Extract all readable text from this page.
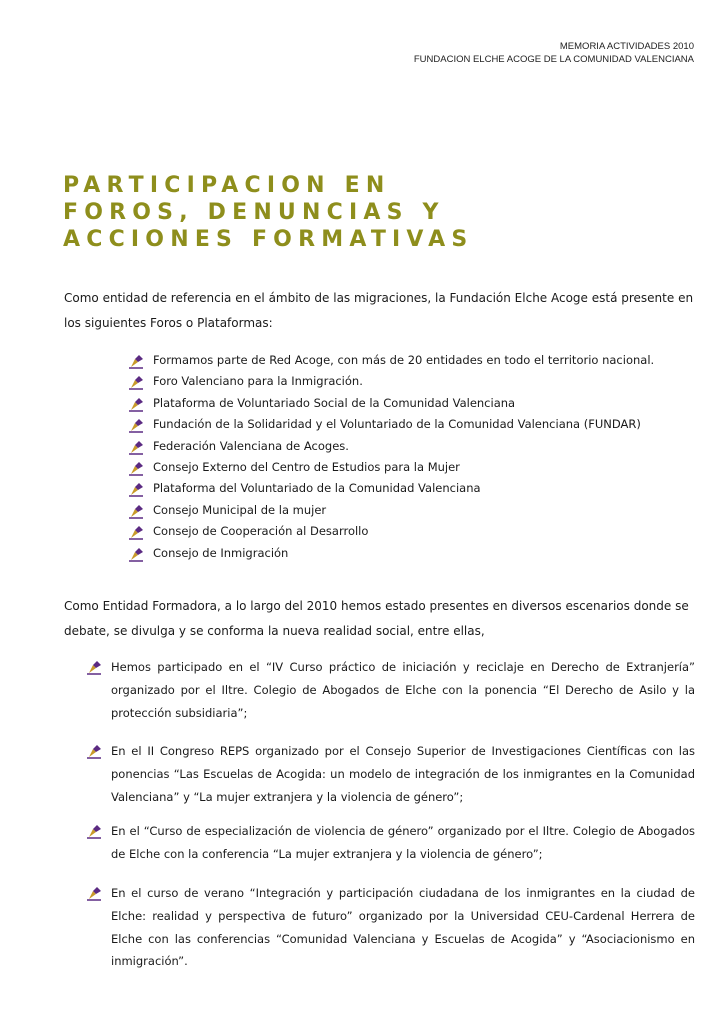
MEMORIA ACTIVIDADES 2010
FUNDACION ELCHE ACOGE DE LA COMUNIDAD VALENCIANA
PARTICIPACION EN
FOROS, DENUNCIAS Y
ACCIONES FORMATIVAS

Como entidad de referencia en el ámbito de las migraciones, la Fundación Elche Acoge está presente en los siguientes Foros o Plataformas:

Formamos parte de Red Acoge, con más de 20 entidades en todo el territorio nacional.
Foro Valenciano para la Inmigración.
Plataforma de Voluntariado Social de la Comunidad Valenciana
Fundación de la Solidaridad y el Voluntariado de la Comunidad Valenciana (FUNDAR)
Federación Valenciana de Acoges.
Consejo Externo del Centro de Estudios para la Mujer
Plataforma del Voluntariado de la Comunidad Valenciana
Consejo Municipal de la mujer
Consejo de Cooperación al Desarrollo
Consejo de Inmigración

Como Entidad Formadora, a lo largo del 2010 hemos estado presentes en diversos escenarios donde se debate, se divulga y se conforma la nueva realidad social, entre ellas,

Hemos participado en el “IV Curso práctico de iniciación y reciclaje en Derecho de Extranjería” organizado por el Iltre. Colegio de Abogados de Elche con la ponencia “El Derecho de Asilo y la protección subsidiaria”;
En el II Congreso REPS organizado por el Consejo Superior de Investigaciones Científicas con las ponencias “Las Escuelas de Acogida: un modelo de integración de los inmigrantes en la Comunidad Valenciana” y “La mujer extranjera y la violencia de género”;
En el “Curso de especialización de violencia de género” organizado por el Iltre. Colegio de Abogados de Elche con la conferencia “La mujer extranjera y la violencia de género”;
En el curso de verano “Integración y participación ciudadana de los inmigrantes en la ciudad de Elche: realidad y perspectiva de futuro” organizado por la Universidad CEU-Cardenal Herrera de Elche con las conferencias “Comunidad Valenciana y Escuelas de Acogida” y “Asociacionismo en inmigración”.
